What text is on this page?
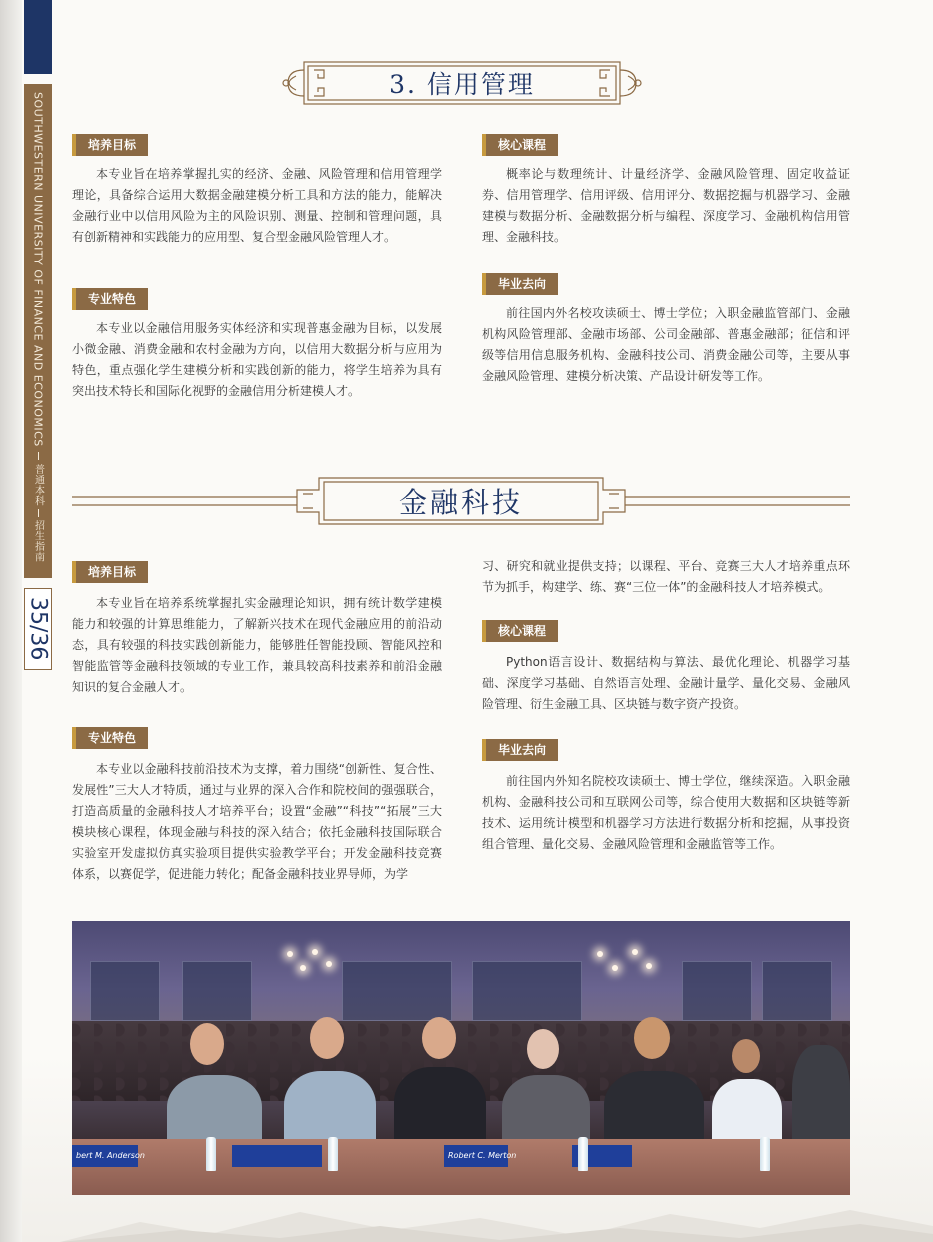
SOUTHWESTERN UNIVERSITY OF FINANCE AND ECONOMICS
普通本科
招生指南
35/36
3. 信用管理
培养目标
本专业旨在培养掌握扎实的经济、金融、风险管理和信用管理学理论，具备综合运用大数据金融建模分析工具和方法的能力，能解决金融行业中以信用风险为主的风险识别、测量、控制和管理问题，具有创新精神和实践能力的应用型、复合型金融风险管理人才。
专业特色
本专业以金融信用服务实体经济和实现普惠金融为目标，以发展小微金融、消费金融和农村金融为方向，以信用大数据分析与应用为特色，重点强化学生建模分析和实践创新的能力，将学生培养为具有突出技术特长和国际化视野的金融信用分析建模人才。
核心课程
概率论与数理统计、计量经济学、金融风险管理、固定收益证券、信用管理学、信用评级、信用评分、数据挖掘与机器学习、金融建模与数据分析、金融数据分析与编程、深度学习、金融机构信用管理、金融科技。
毕业去向
前往国内外名校攻读硕士、博士学位；入职金融监管部门、金融机构风险管理部、金融市场部、公司金融部、普惠金融部；征信和评级等信用信息服务机构、金融科技公司、消费金融公司等，主要从事金融风险管理、建模分析决策、产品设计研发等工作。
金融科技
培养目标
本专业旨在培养系统掌握扎实金融理论知识，拥有统计数学建模能力和较强的计算思维能力，了解新兴技术在现代金融应用的前沿动态，具有较强的科技实践创新能力，能够胜任智能投顾、智能风控和智能监管等金融科技领域的专业工作，兼具较高科技素养和前沿金融知识的复合金融人才。
专业特色
本专业以金融科技前沿技术为支撑，着力围绕“创新性、复合性、发展性”三大人才特质，通过与业界的深入合作和院校间的强强联合，打造高质量的金融科技人才培养平台；设置“金融”“科技”“拓展”三大模块核心课程，体现金融与科技的深入结合；依托金融科技国际联合实验室开发虚拟仿真实验项目提供实验教学平台；开发金融科技竞赛体系，以赛促学，促进能力转化；配备金融科技业界导师，为学
习、研究和就业提供支持；以课程、平台、竞赛三大人才培养重点环节为抓手，构建学、练、赛“三位一体”的金融科技人才培养模式。
核心课程
Python语言设计、数据结构与算法、最优化理论、机器学习基础、深度学习基础、自然语言处理、金融计量学、量化交易、金融风险管理、衍生金融工具、区块链与数字资产投资。
毕业去向
前往国内外知名院校攻读硕士、博士学位，继续深造。入职金融机构、金融科技公司和互联网公司等，综合使用大数据和区块链等新技术、运用统计模型和机器学习方法进行数据分析和挖掘，从事投资组合管理、量化交易、金融风险管理和金融监管等工作。
bert M. Anderson	Robert C. Merton
